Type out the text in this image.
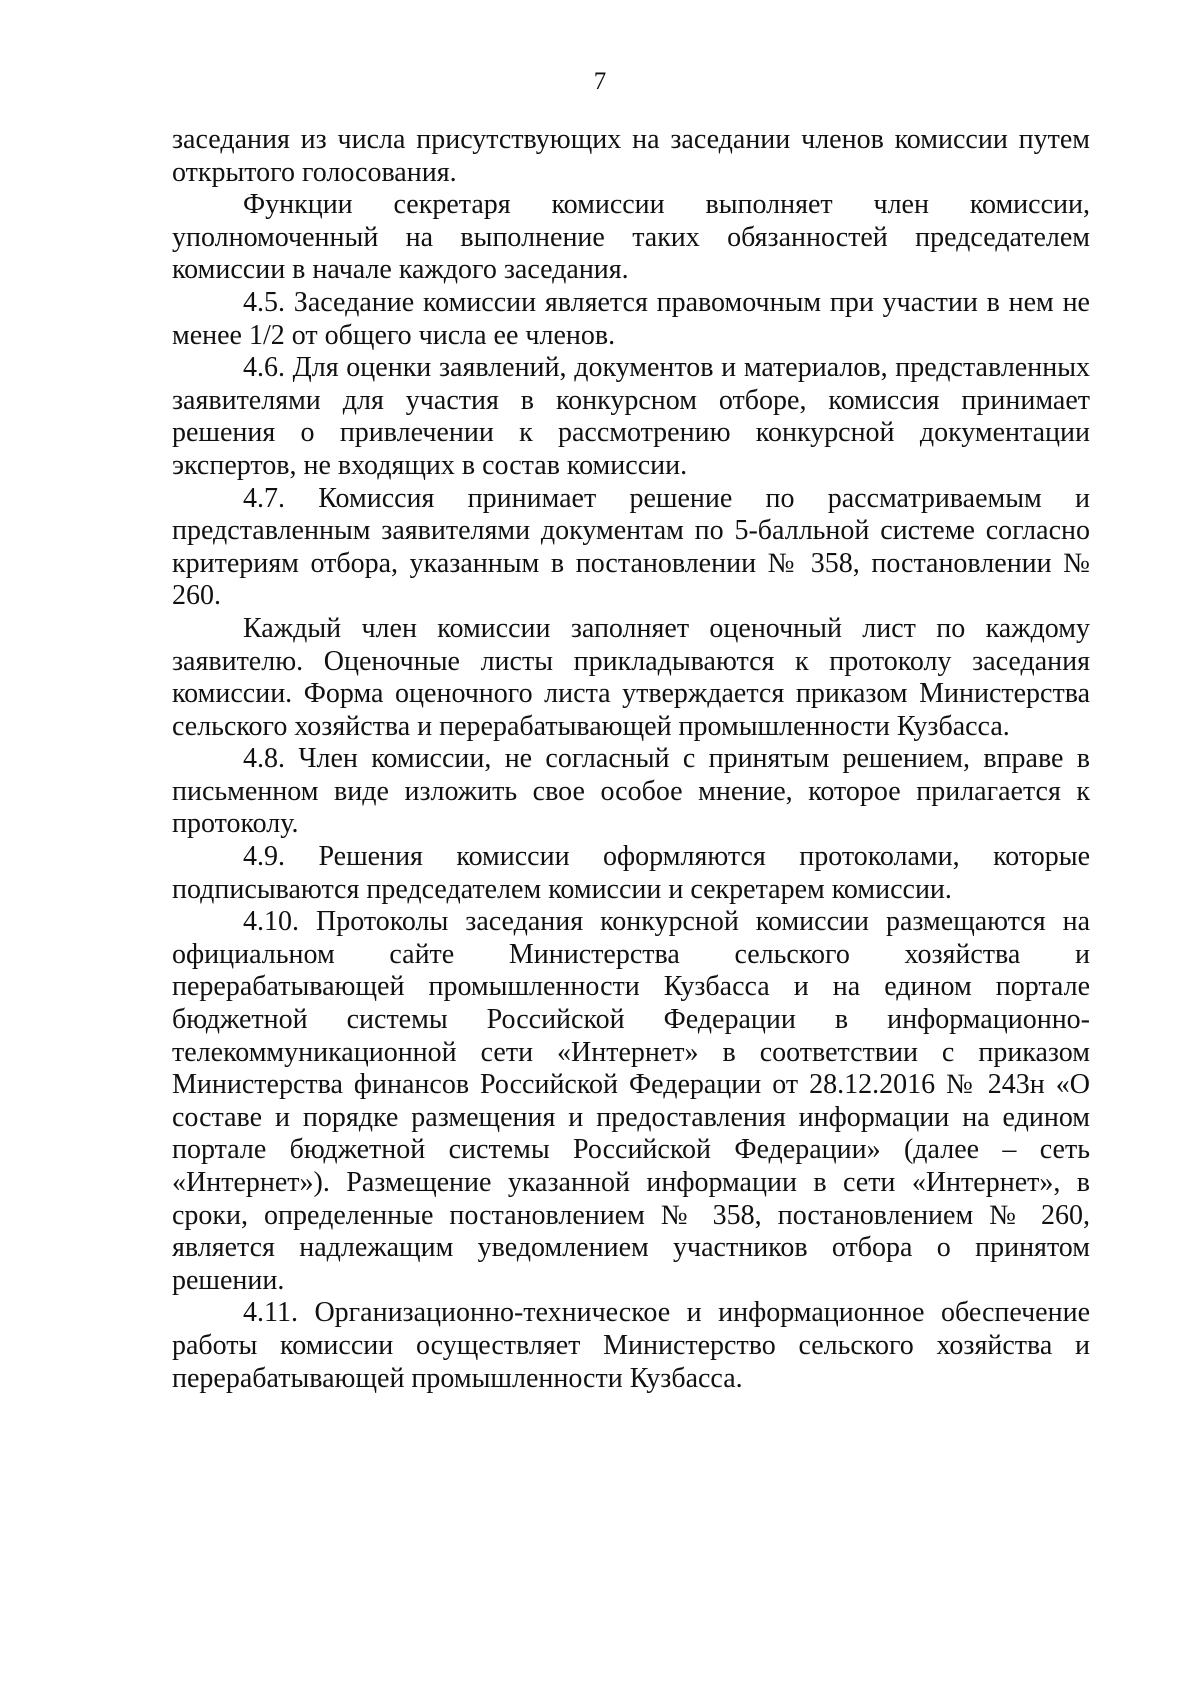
7

заседания из числа присутствующих на заседании членов комиссии путем открытого голосования.

Функции секретаря комиссии выполняет член комиссии, уполномоченный на выполнение таких обязанностей председателем комиссии в начале каждого заседания.

4.5. Заседание комиссии является правомочным при участии в нем не менее 1/2 от общего числа ее членов.

4.6. Для оценки заявлений, документов и материалов, представленных заявителями для участия в конкурсном отборе, комиссия принимает решения о привлечении к рассмотрению конкурсной документации экспертов, не входящих в состав комиссии.

4.7. Комиссия принимает решение по рассматриваемым и представленным заявителями документам по 5-балльной системе согласно критериям отбора, указанным в постановлении № 358, постановлении № 260.

Каждый член комиссии заполняет оценочный лист по каждому заявителю. Оценочные листы прикладываются к протоколу заседания комиссии. Форма оценочного листа утверждается приказом Министерства сельского хозяйства и перерабатывающей промышленности Кузбасса.

4.8. Член комиссии, не согласный с принятым решением, вправе в письменном виде изложить свое особое мнение, которое прилагается к протоколу.

4.9. Решения комиссии оформляются протоколами, которые подписываются председателем комиссии и секретарем комиссии.

4.10. Протоколы заседания конкурсной комиссии размещаются на официальном сайте Министерства сельского хозяйства и перерабатывающей промышленности Кузбасса и на едином портале бюджетной системы Российской Федерации в информационно-телекоммуникационной сети «Интернет» в соответствии с приказом Министерства финансов Российской Федерации от 28.12.2016 № 243н «О составе и порядке размещения и предоставления информации на едином портале бюджетной системы Российской Федерации» (далее – сеть «Интернет»). Размещение указанной информации в сети «Интернет», в сроки, определенные постановлением № 358, постановлением № 260, является надлежащим уведомлением участников отбора о принятом решении.

4.11. Организационно-техническое и информационное обеспечение работы комиссии осуществляет Министерство сельского хозяйства и перерабатывающей промышленности Кузбасса.
